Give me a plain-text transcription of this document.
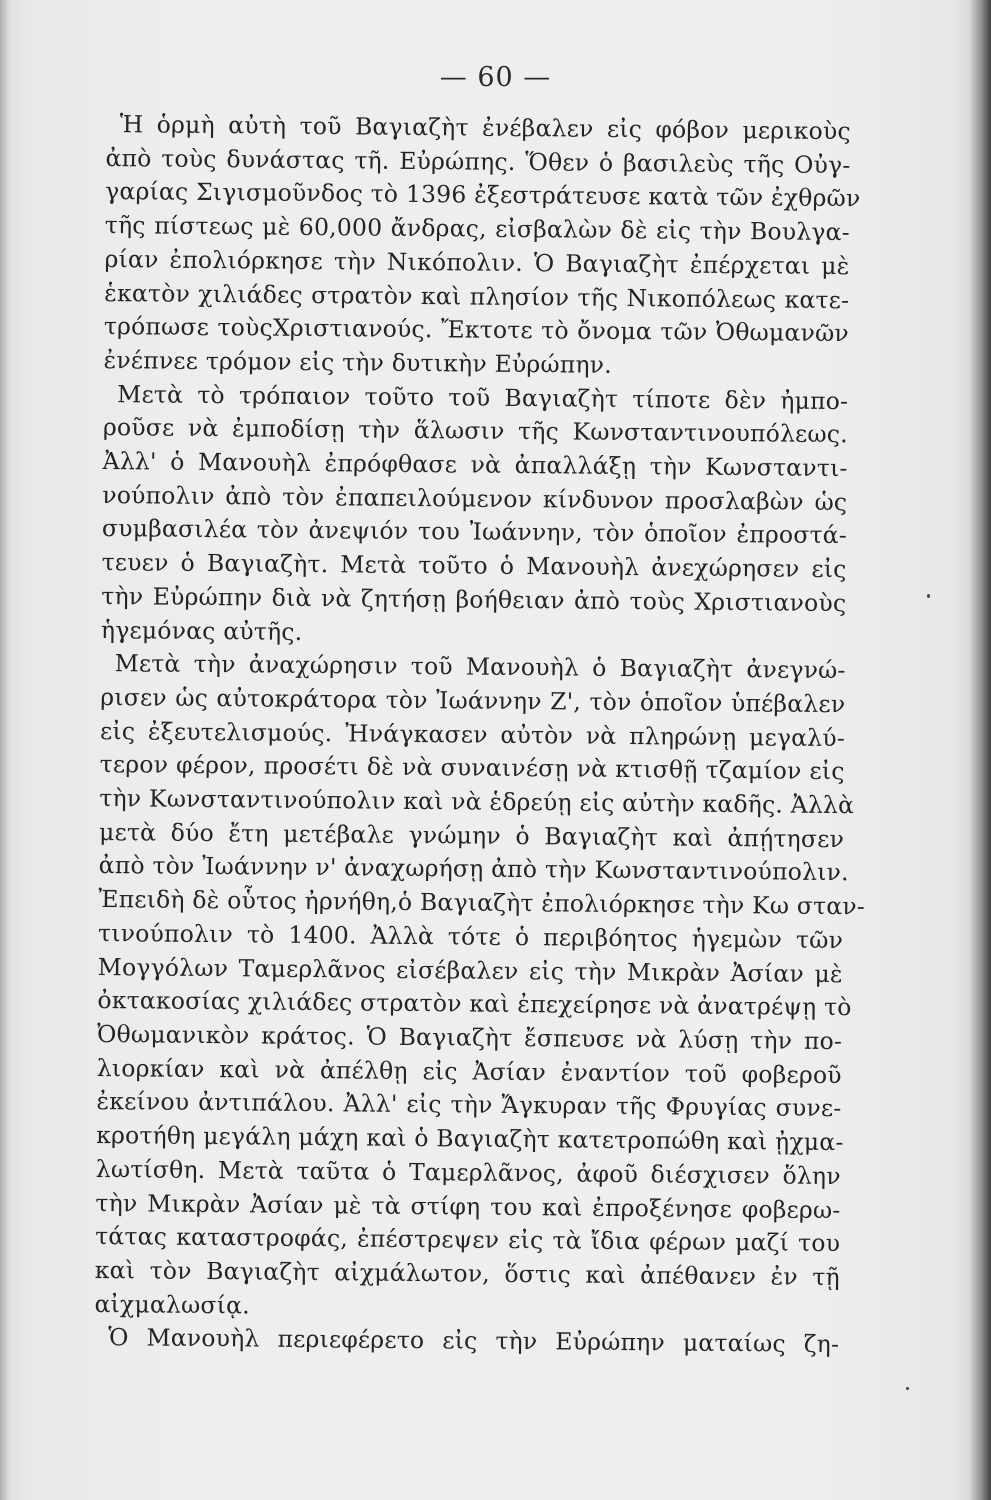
— 60 —
Ἡ ὁρμὴ αὐτὴ τοῦ Βαγιαζὴτ ἐνέβαλεν εἰς φόβον μερικοὺς
ἀπὸ τοὺς δυνάστας τῆ. Εὐρώπης. Ὅθεν ὁ βασιλεὺς τῆς Οὐγ-
γαρίας Σιγισμοῦνδος τὸ 1396 ἐξεστράτευσε κατὰ τῶν ἐχθρῶν
τῆς πίστεως μὲ 60,000 ἄνδρας, εἰσβαλὼν δὲ εἰς τὴν Βουλγα-
ρίαν ἐπολιόρκησε τὴν Νικόπολιν. Ὁ Βαγιαζὴτ ἐπέρχεται μὲ
ἑκατὸν χιλιάδες στρατὸν καὶ πλησίον τῆς Νικοπόλεως κατε-
τρόπωσε τοὺςΧριστιανούς. Ἔκτοτε τὸ ὄνομα τῶν Ὀθωμανῶν
ἐνέπνεε τρόμον εἰς τὴν δυτικὴν Εὐρώπην.
Μετὰ τὸ τρόπαιον τοῦτο τοῦ Βαγιαζὴτ τίποτε δὲν ἠμπο-
ροῦσε νὰ ἐμποδίσῃ τὴν ἅλωσιν τῆς Κωνσταντινουπόλεως.
Ἀλλ' ὁ Μανουὴλ ἐπρόφθασε νὰ ἀπαλλάξῃ τὴν Κωνσταντι-
νούπολιν ἀπὸ τὸν ἐπαπειλούμενον κίνδυνον προσλαβὼν ὡς
συμβασιλέα τὸν ἀνεψιόν του Ἰωάννην, τὸν ὁποῖον ἐπροστά-
τευεν ὁ Βαγιαζὴτ. Μετὰ τοῦτο ὁ Μανουὴλ ἀνεχώρησεν εἰς
τὴν Εὐρώπην διὰ νὰ ζητήσῃ βοήθειαν ἀπὸ τοὺς Χριστιανοὺς
ἡγεμόνας αὐτῆς.
Μετὰ τὴν ἀναχώρησιν τοῦ Μανουὴλ ὁ Βαγιαζὴτ ἀνεγνώ-
ρισεν ὡς αὐτοκράτορα τὸν Ἰωάννην Ζ', τὸν ὁποῖον ὑπέβαλεν
εἰς ἐξευτελισμούς. Ἠνάγκασεν αὐτὸν νὰ πληρώνῃ μεγαλύ-
τερον φέρον, προσέτι δὲ νὰ συναινέσῃ νὰ κτισθῇ τζαμίον εἰς
τὴν Κωνσταντινούπολιν καὶ νὰ ἑδρεύῃ εἰς αὐτὴν καδῆς. Ἀλλὰ
μετὰ δύο ἔτη μετέβαλε γνώμην ὁ Βαγιαζὴτ καὶ ἀπῄτησεν
ἀπὸ τὸν Ἰωάννην ν' ἀναχωρήσῃ ἀπὸ τὴν Κωνσταντινούπολιν.
Ἐπειδὴ δὲ οὗτος ἠρνήθη,ὁ Βαγιαζὴτ ἐπολιόρκησε τὴν Κω σταν-
τινούπολιν τὸ 1400. Ἀλλὰ τότε ὁ περιβόητος ἡγεμὼν τῶν
Μογγόλων Ταμερλᾶνος εἰσέβαλεν εἰς τὴν Μικρὰν Ἀσίαν μὲ
ὀκτακοσίας χιλιάδες στρατὸν καὶ ἐπεχείρησε νὰ ἀνατρέψῃ τὸ
Ὀθωμανικὸν κράτος. Ὁ Βαγιαζὴτ ἔσπευσε νὰ λύσῃ τὴν πο-
λιορκίαν καὶ νὰ ἀπέλθῃ εἰς Ἀσίαν ἐναντίον τοῦ φοβεροῦ
ἐκείνου ἀντιπάλου. Ἀλλ' εἰς τὴν Ἄγκυραν τῆς Φρυγίας συνε-
κροτήθη μεγάλη μάχη καὶ ὁ Βαγιαζὴτ κατετροπώθη καὶ ᾐχμα-
λωτίσθη. Μετὰ ταῦτα ὁ Ταμερλᾶνος, ἀφοῦ διέσχισεν ὅλην
τὴν Μικρὰν Ἀσίαν μὲ τὰ στίφη του καὶ ἐπροξένησε φοβερω-
τάτας καταστροφάς, ἐπέστρεψεν εἰς τὰ ἴδια φέρων μαζί του
καὶ τὸν Βαγιαζὴτ αἰχμάλωτον, ὅστις καὶ ἀπέθανεν ἐν τῇ
αἰχμαλωσίᾳ.
Ὁ Μανουὴλ περιεφέρετο εἰς τὴν Εὐρώπην ματαίως ζη-
